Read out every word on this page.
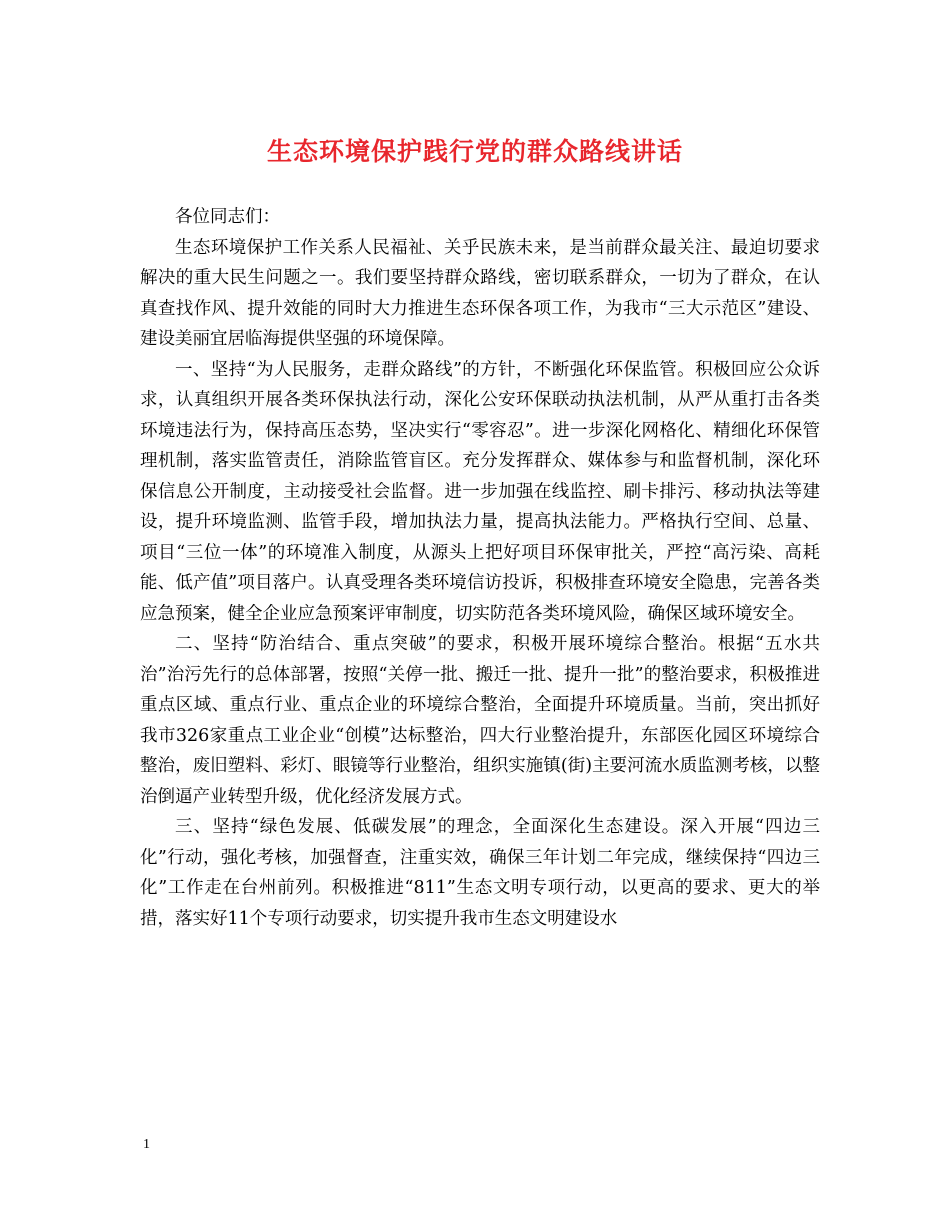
生态环境保护践行党的群众路线讲话

各位同志们：

生态环境保护工作关系人民福祉、关乎民族未来，是当前群众最关注、最迫切要求解决的重大民生问题之一。我们要坚持群众路线，密切联系群众，一切为了群众，在认真查找作风、提升效能的同时大力推进生态环保各项工作，为我市“三大示范区”建设、建设美丽宜居临海提供坚强的环境保障。

一、坚持“为人民服务，走群众路线”的方针，不断强化环保监管。积极回应公众诉求，认真组织开展各类环保执法行动，深化公安环保联动执法机制，从严从重打击各类环境违法行为，保持高压态势，坚决实行“零容忍”。进一步深化网格化、精细化环保管理机制，落实监管责任，消除监管盲区。充分发挥群众、媒体参与和监督机制，深化环保信息公开制度，主动接受社会监督。进一步加强在线监控、刷卡排污、移动执法等建设，提升环境监测、监管手段，增加执法力量，提高执法能力。严格执行空间、总量、项目“三位一体”的环境准入制度，从源头上把好项目环保审批关，严控“高污染、高耗能、低产值”项目落户。认真受理各类环境信访投诉，积极排查环境安全隐患，完善各类应急预案，健全企业应急预案评审制度，切实防范各类环境风险，确保区域环境安全。

二、坚持“防治结合、重点突破”的要求，积极开展环境综合整治。根据“五水共治”治污先行的总体部署，按照“关停一批、搬迁一批、提升一批”的整治要求，积极推进重点区域、重点行业、重点企业的环境综合整治，全面提升环境质量。当前，突出抓好我市326家重点工业企业“创模”达标整治，四大行业整治提升，东部医化园区环境综合整治，废旧塑料、彩灯、眼镜等行业整治，组织实施镇(街)主要河流水质监测考核，以整治倒逼产业转型升级，优化经济发展方式。

三、坚持“绿色发展、低碳发展”的理念，全面深化生态建设。深入开展“四边三化”行动，强化考核，加强督查，注重实效，确保三年计划二年完成，继续保持“四边三化”工作走在台州前列。积极推进“811”生态文明专项行动，以更高的要求、更大的举措，落实好11个专项行动要求，切实提升我市生态文明建设水

1
